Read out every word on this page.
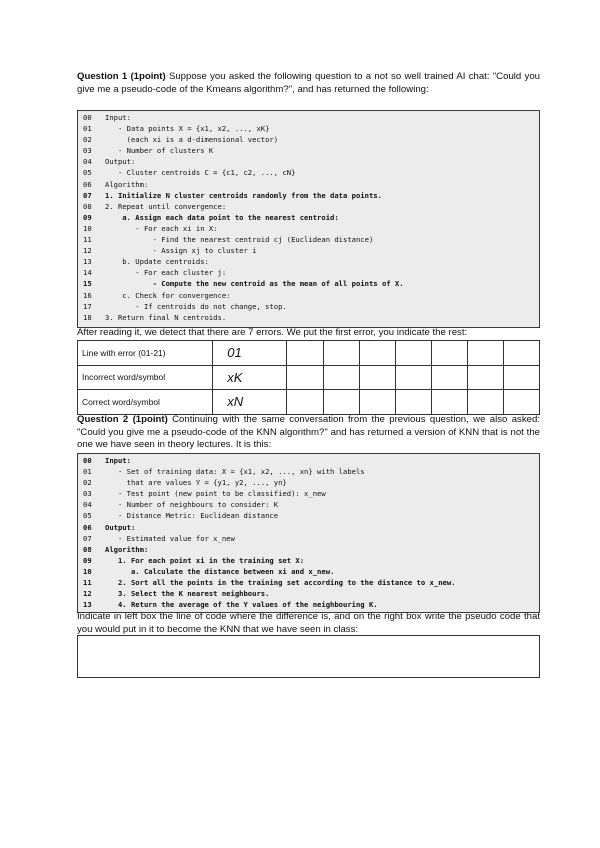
Question 1 (1point) Suppose you asked the following question to a not so well trained AI chat: "Could you give me a pseudo-code of the Kmeans algorithm?", and has returned the following:

00 Input:
01   - Data points X = {x1, x2, ..., xK}
02     (each xi is a d-dimensional vector)
03   - Number of clusters K
04 Output:
05   - Cluster centroids C = {c1, c2, ..., cN}
06 Algorithm:
07 1. Initialize N cluster centroids randomly from the data points.
08 2. Repeat until convergence:
09    a. Assign each data point to the nearest centroid:
10       - For each xi in X:
11           - Find the nearest centroid cj (Euclidean distance)
12           - Assign xj to cluster i
13    b. Update centroids:
14       - For each cluster j:
15           - Compute the new centroid as the mean of all points of X.
16    c. Check for convergence:
17       - If centroids do not change, stop.
18 3. Return final N centroids.

After reading it, we detect that there are 7 errors. We put the first error, you indicate the rest:

Line with error (01-21)	01							
Incorrect word/symbol	xK							
Correct word/symbol	xN							

Question 2 (1point) Continuing with the same conversation from the previous question, we also asked: "Could you give me a pseudo-code of the KNN algorithm?" and has returned a version of KNN that is not the one we have seen in theory lectures. It is this:

00 Input:
01   - Set of training data: X = {x1, x2, ..., xn} with labels
02     that are values Y = {y1, y2, ..., yn}
03   - Test point (new point to be classified): x_new
04   - Number of neighbours to consider: K
05   - Distance Metric: Euclidean distance
06 Output:
07   - Estimated value for x_new
08 Algorithm:
09   1. For each point xi in the training set X:
10      a. Calculate the distance between xi and x_new.
11   2. Sort all the points in the training set according to the distance to x_new.
12   3. Select the K nearest neighbours.
13   4. Return the average of the Y values of the neighbouring K.

Indicate in left box the line of code where the difference is, and on the right box write the pseudo code that you would put in it to become the KNN that we have seen in class:
